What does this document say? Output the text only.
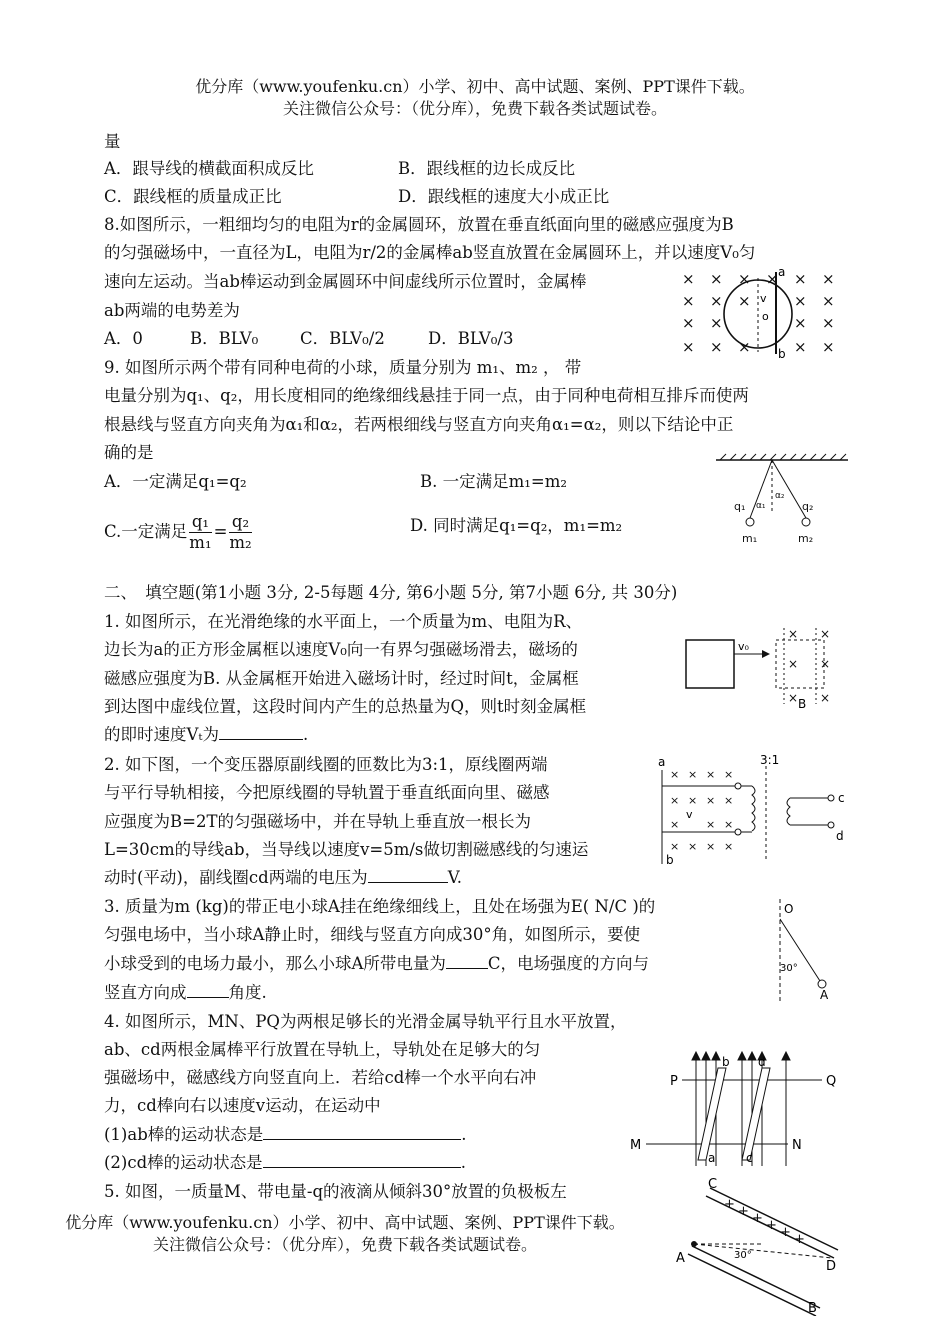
优分库（www.youfenku.cn）小学、初中、高中试题、案例、PPT课件下载。
关注微信公众号：（优分库），免费下载各类试题试卷。
量
A．跟导线的横截面积成反比	B．跟线框的边长成反比
C．跟线框的质量成正比	D．跟线框的速度大小成正比
8.如图所示，一粗细均匀的电阻为r的金属圆环，放置在垂直纸面向里的磁感应强度为B
的匀强磁场中，一直径为L，电阻为r/2的金属棒ab竖直放置在金属圆环上，并以速度V₀匀
速向左运动。当ab棒运动到金属圆环中间虚线所示位置时，金属棒
ab两端的电势差为
A．0	B．BLV₀	C．BLV₀/2	D．BLV₀/3
× × × × × ×
× × ×	× ×
× ×	× ×
× × ×	× ×
a
b
o
v
9. 如图所示两个带有同种电荷的小球，质量分别为 m₁、m₂ ， 带
电量分别为q₁、q₂，用长度相同的绝缘细线悬挂于同一点，由于同种电荷相互排斥而使两
根悬线与竖直方向夹角为α₁和α₂，若两根细线与竖直方向夹角α₁=α₂，则以下结论中正
确的是
A．一定满足q₁=q₂	B. 一定满足m₁=m₂
C.一定满足 $\frac{\text{q₁}}{\text{m₁}} = \frac{\text{q₂}}{\text{m₂}}$	D. 同时满足q₁=q₂，m₁=m₂
q₁	q₂
α₁
α₂
m₁	m₂
二、　填空题(第1小题 3分, 2-5每题 4分, 第6小题 5分, 第7小题 6分, 共 30分)
1. 如图所示，在光滑绝缘的水平面上，一个质量为m、电阻为R、
边长为a的正方形金属框以速度V₀向一有界匀强磁场滑去，磁场的
磁感应强度为B. 从金属框开始进入磁场计时，经过时间t，金属框
到达图中虚线位置，这段时间内产生的总热量为Q，则t时刻金属框
的即时速度Vₜ为	.
v₀
× ×
× ×
× ×
B
2. 如下图，一个变压器原副线圈的匝数比为3:1，原线圈两端
与平行导轨相接，今把原线圈的导轨置于垂直纸面向里、磁感
应强度为B=2T的匀强磁场中，并在导轨上垂直放一根长为
L=30cm的导线ab，当导线以速度v=5m/s做切割磁感线的匀速运
动时(平动)，副线圈cd两端的电压为	V.
a
b
× × × ×
× × × ×
× × ×
× × × ×
v
3:1
c
d
3. 质量为m (kg)的带正电小球A挂在绝缘细线上，且处在场强为E( N/C )的
匀强电场中，当小球A静止时，细线与竖直方向成30°角，如图所示，要使
小球受到的电场力最小，那么小球A所带电量为	C，电场强度的方向与
竖直方向成	角度.
O
A
30°
4. 如图所示，MN、PQ为两根足够长的光滑金属导轨平行且水平放置，
ab、cd两根金属棒平行放置在导轨上，导轨处在足够大的匀
强磁场中，磁感线方向竖直向上．若给cd棒一个水平向右冲
力，cd棒向右以速度v运动，在运动中
(1)ab棒的运动状态是	.
(2)cd棒的运动状态是	.
P	Q
M	N
b d
a	c
5. 如图，一质量M、带电量-q的液滴从倾斜30°放置的负极板左
优分库（www.youfenku.cn）小学、初中、高中试题、案例、PPT课件下载。
关注微信公众号：（优分库），免费下载各类试题试卷。
+ + + + + +
C
A
D
B
30°
